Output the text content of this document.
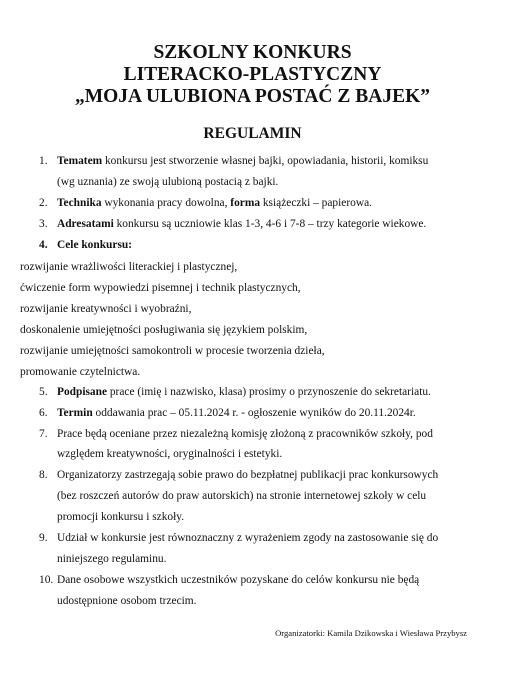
SZKOLNY KONKURS
LITERACKO-PLASTYCZNY
„MOJA ULUBIONA POSTAĆ Z BAJEK”
REGULAMIN
1. Tematem konkursu jest stworzenie własnej bajki, opowiadania, historii, komiksu
(wg uznania) ze swoją ulubioną postacią z bajki.
2. Technika wykonania pracy dowolna, forma książeczki – papierowa.
3. Adresatami konkursu są uczniowie klas 1-3, 4-6 i 7-8 – trzy kategorie wiekowe.
4. Cele konkursu:
rozwijanie wrażliwości literackiej i plastycznej,
ćwiczenie form wypowiedzi pisemnej i technik plastycznych,
rozwijanie kreatywności i wyobraźni,
doskonalenie umiejętności posługiwania się językiem polskim,
rozwijanie umiejętności samokontroli w procesie tworzenia dzieła,
promowanie czytelnictwa.
5. Podpisane prace (imię i nazwisko, klasa) prosimy o przynoszenie do sekretariatu.
6. Termin oddawania prac – 05.11.2024 r. - ogłoszenie wyników do 20.11.2024r.
7. Prace będą oceniane przez niezależną komisję złożoną z pracowników szkoły, pod
względem kreatywności, oryginalności i estetyki.
8. Organizatorzy zastrzegają sobie prawo do bezpłatnej publikacji prac konkursowych
(bez roszczeń autorów do praw autorskich) na stronie internetowej szkoły w celu
promocji konkursu i szkoły.
9. Udział w konkursie jest równoznaczny z wyrażeniem zgody na zastosowanie się do
niniejszego regulaminu.
10. Dane osobowe wszystkich uczestników pozyskane do celów konkursu nie będą
udostępnione osobom trzecim.
Organizatorki: Kamila Dzikowska i Wiesława Przybysz
